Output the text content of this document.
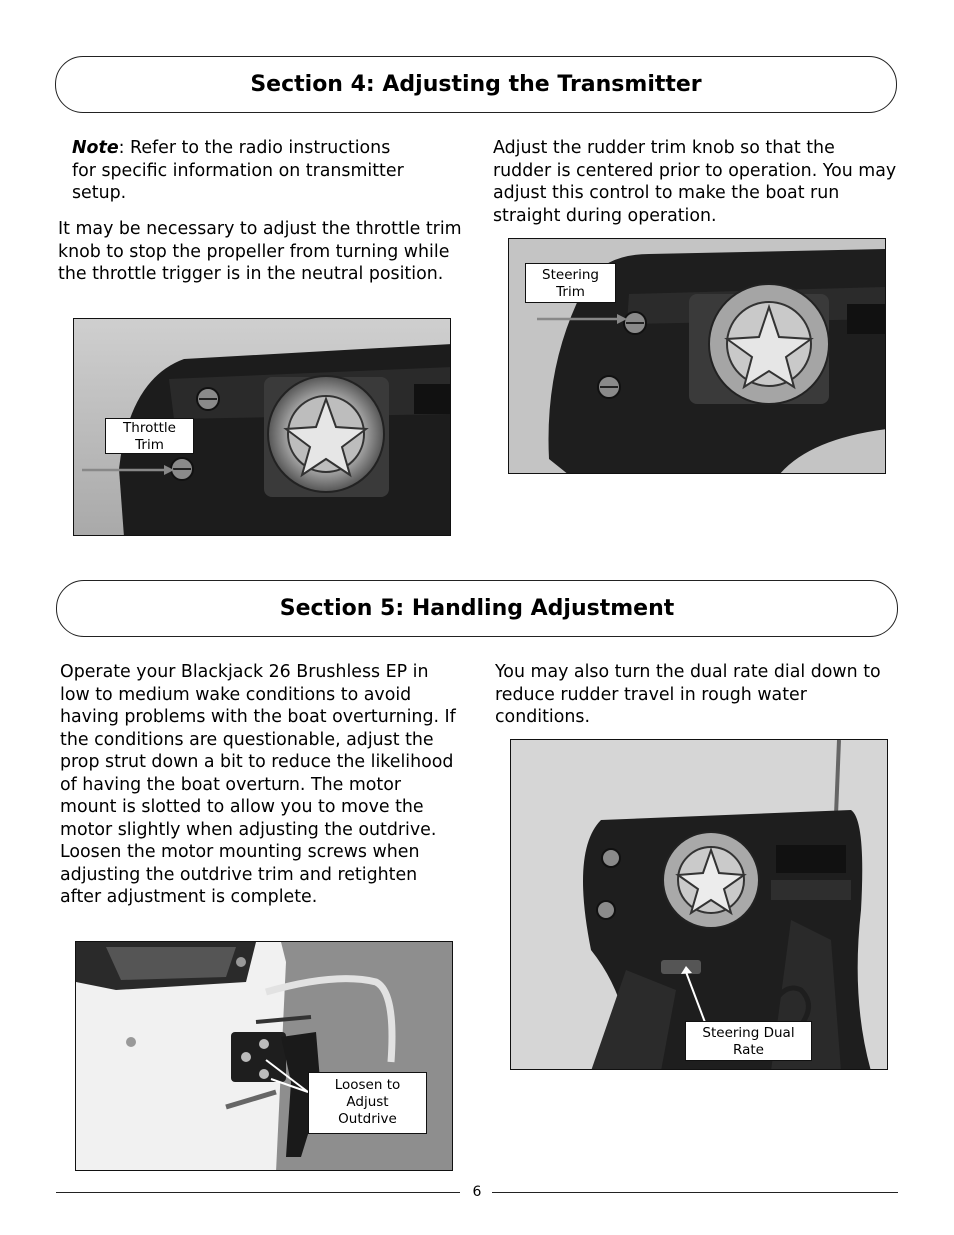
Section 4: Adjusting the Transmitter
Note: Refer to the radio instructions for specific information on transmitter setup.
It may be necessary to adjust the throttle trim knob to stop the propeller from turning while the throttle trigger is in the neutral position.
Adjust the rudder trim knob so that the rudder is centered prior to operation. You may adjust this control to make the boat run straight during operation.
Throttle
Trim
Steering
Trim
Section 5: Handling Adjustment
Operate your Blackjack 26 Brushless EP in low to medium wake conditions to avoid having problems with the boat overturning. If the conditions are questionable, adjust the prop strut down a bit to reduce the likelihood of having the boat overturn. The motor mount is slotted to allow you to move the motor slightly when adjusting the outdrive. Loosen the motor mounting screws when adjusting the outdrive trim and retighten after adjustment is complete.
You may also turn the dual rate dial down to reduce rudder travel in rough water conditions.
Loosen to
Adjust
Outdrive
Steering Dual
Rate
6
